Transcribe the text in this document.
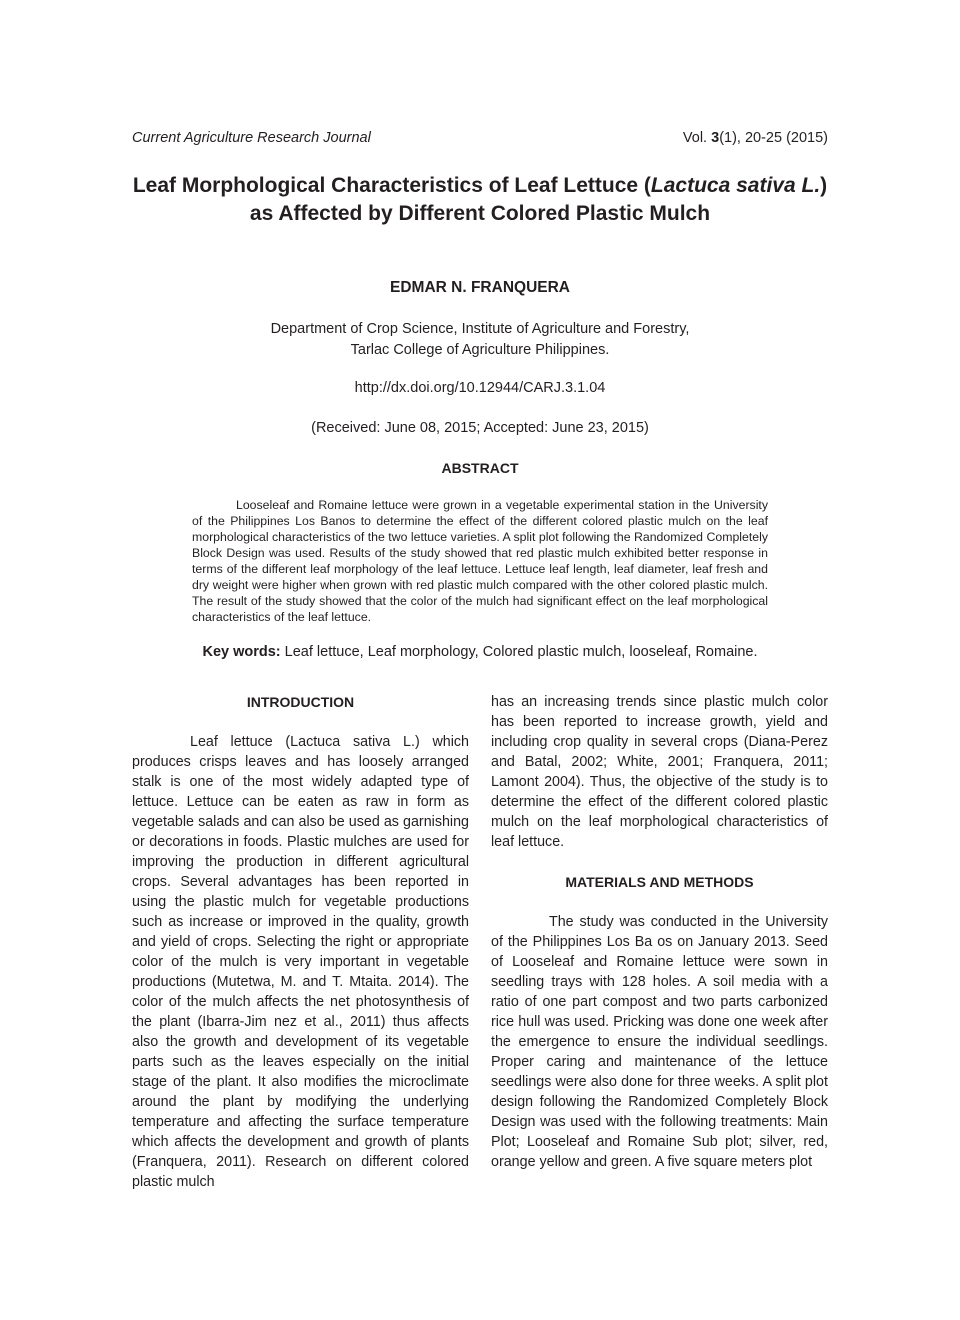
Current Agriculture Research Journal	Vol. 3(1), 20-25 (2015)
Leaf Morphological Characteristics of Leaf Lettuce (Lactuca sativa L.) as Affected by Different Colored Plastic Mulch
EDMAR N. FRANQUERA
Department of Crop Science, Institute of Agriculture and Forestry,
Tarlac College of Agriculture Philippines.
http://dx.doi.org/10.12944/CARJ.3.1.04
(Received: June 08, 2015; Accepted: June 23, 2015)
ABSTRACT

Looseleaf and Romaine lettuce were grown in a vegetable experimental station in the University of the Philippines Los Banos to determine the effect of the different colored plastic mulch on the leaf morphological characteristics of the two lettuce varieties. A split plot following the Randomized Completely Block Design was used. Results of the study showed that red plastic mulch exhibited better response in terms of the different leaf morphology of the leaf lettuce. Lettuce leaf length, leaf diameter, leaf fresh and dry weight were higher when grown with red plastic mulch compared with the other colored plastic mulch. The result of the study showed that the color of the mulch had significant effect on the leaf morphological characteristics of the leaf lettuce.

Key words: Leaf lettuce, Leaf morphology, Colored plastic mulch, looseleaf, Romaine.
INTRODUCTION

Leaf lettuce (Lactuca sativa L.) which produces crisps leaves and has loosely arranged stalk is one of the most widely adapted type of lettuce. Lettuce can be eaten as raw in form as vegetable salads and can also be used as garnishing or decorations in foods. Plastic mulches are used for improving the production in different agricultural crops. Several advantages has been reported in using the plastic mulch for vegetable productions such as increase or improved in the quality, growth and yield of crops. Selecting the right or appropriate color of the mulch is very important in vegetable productions (Mutetwa, M. and T. Mtaita. 2014). The color of the mulch affects the net photosynthesis of the plant (Ibarra-Jim nez et al., 2011) thus affects also the growth and development of its vegetable parts such as the leaves especially on the initial stage of the plant. It also modifies the microclimate around the plant by modifying the underlying temperature and affecting the surface temperature which affects the development and growth of plants (Franquera, 2011). Research on different colored plastic mulch

has an increasing trends since plastic mulch color has been reported to increase growth, yield and including crop quality in several crops (Diana-Perez and Batal, 2002; White, 2001; Franquera, 2011; Lamont 2004). Thus, the objective of the study is to determine the effect of the different colored plastic mulch on the leaf morphological characteristics of leaf lettuce.

MATERIALS AND METHODS

The study was conducted in the University of the Philippines Los Ba os on January 2013. Seed of Looseleaf and Romaine lettuce were sown in seedling trays with 128 holes. A soil media with a ratio of one part compost and two parts carbonized rice hull was used. Pricking was done one week after the emergence to ensure the individual seedlings. Proper caring and maintenance of the lettuce seedlings were also done for three weeks. A split plot design following the Randomized Completely Block Design was used with the following treatments: Main Plot; Looseleaf and Romaine Sub plot; silver, red, orange yellow and green. A five square meters plot
